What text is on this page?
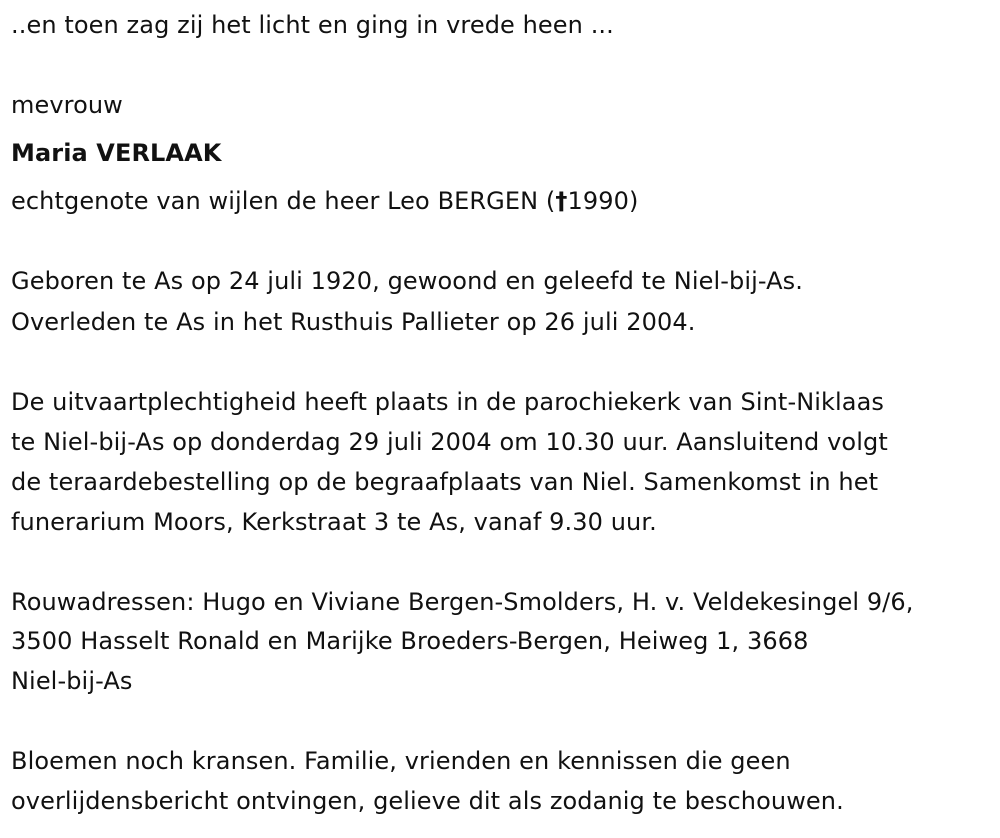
..en toen zag zij het licht en ging in vrede heen ...
mevrouw
Maria VERLAAK
echtgenote van wijlen de heer Leo BERGEN (†1990)
Geboren te As op 24 juli 1920, gewoond en geleefd te Niel-bij-As.
Overleden te As in het Rusthuis Pallieter op 26 juli 2004.
De uitvaartplechtigheid heeft plaats in de parochiekerk van Sint-Niklaas
te Niel-bij-As op donderdag 29 juli 2004 om 10.30 uur. Aansluitend volgt
de teraardebestelling op de begraafplaats van Niel. Samenkomst in het
funerarium Moors, Kerkstraat 3 te As, vanaf 9.30 uur.
Rouwadressen: Hugo en Viviane Bergen-Smolders, H. v. Veldekesingel 9/6,
3500 Hasselt Ronald en Marijke Broeders-Bergen, Heiweg 1, 3668
Niel-bij-As
Bloemen noch kransen. Familie, vrienden en kennissen die geen
overlijdensbericht ontvingen, gelieve dit als zodanig te beschouwen.
